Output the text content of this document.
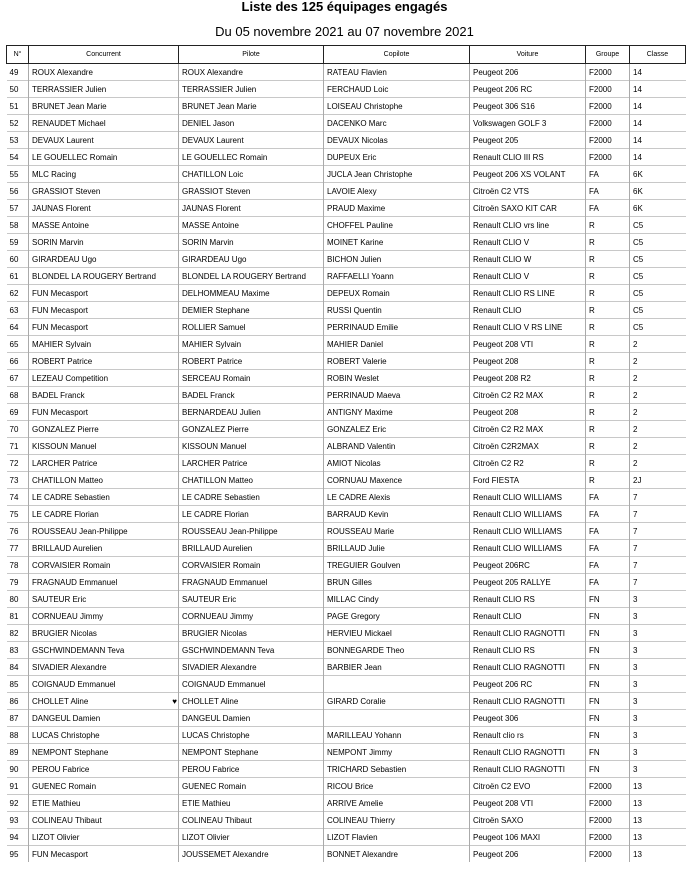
Liste des 125 équipages engagés
Du 05 novembre 2021 au 07 novembre 2021
N°	Concurrent	Pilote	Copilote	Voiture	Groupe	Classe
49	ROUX Alexandre	ROUX Alexandre	RATEAU Flavien	Peugeot 206	F2000	14
50	TERRASSIER Julien	TERRASSIER Julien	FERCHAUD Loic	Peugeot 206 RC	F2000	14
51	BRUNET Jean Marie	BRUNET Jean Marie	LOISEAU Christophe	Peugeot 306 S16	F2000	14
52	RENAUDET Michael	DENIEL Jason	DACENKO Marc	Volkswagen GOLF 3	F2000	14
53	DEVAUX Laurent	DEVAUX Laurent	DEVAUX Nicolas	Peugeot 205	F2000	14
54	LE GOUELLEC Romain	LE GOUELLEC Romain	DUPEUX Eric	Renault CLIO III RS	F2000	14
55	MLC Racing	CHATILLON Loic	JUCLA Jean Christophe	Peugeot 206 XS VOLANT	FA	6K
56	GRASSIOT Steven	GRASSIOT Steven	LAVOIE Alexy	Citroën C2 VTS	FA	6K
57	JAUNAS Florent	JAUNAS Florent	PRAUD Maxime	Citroën SAXO KIT CAR	FA	6K
58	MASSE Antoine	MASSE Antoine	CHOFFEL Pauline	Renault CLIO vrs line	R	C5
59	SORIN Marvin	SORIN Marvin	MOINET Karine	Renault CLIO V	R	C5
60	GIRARDEAU Ugo	GIRARDEAU Ugo	BICHON Julien	Renault CLIO W	R	C5
61	BLONDEL LA ROUGERY Bertrand	BLONDEL LA ROUGERY Bertrand	RAFFAELLI Yoann	Renault CLIO V	R	C5
62	FUN Mecasport	DELHOMMEAU Maxime	DEPEUX Romain	Renault CLIO RS LINE	R	C5
63	FUN Mecasport	DEMIER Stephane	RUSSI Quentin	Renault CLIO	R	C5
64	FUN Mecasport	ROLLIER Samuel	PERRINAUD Emilie	Renault CLIO V RS LINE	R	C5
65	MAHIER Sylvain	MAHIER Sylvain	MAHIER Daniel	Peugeot 208 VTI	R	2
66	ROBERT Patrice	ROBERT Patrice	ROBERT Valerie	Peugeot 208	R	2
67	LEZEAU Competition	SERCEAU Romain	ROBIN Weslet	Peugeot 208 R2	R	2
68	BADEL Franck	BADEL Franck	PERRINAUD Maeva	Citroën C2 R2 MAX	R	2
69	FUN Mecasport	BERNARDEAU Julien	ANTIGNY Maxime	Peugeot 208	R	2
70	GONZALEZ Pierre	GONZALEZ Pierre	GONZALEZ Eric	Citroën C2 R2 MAX	R	2
71	KISSOUN Manuel	KISSOUN Manuel	ALBRAND Valentin	Citroën C2R2MAX	R	2
72	LARCHER Patrice	LARCHER Patrice	AMIOT Nicolas	Citroën C2 R2	R	2
73	CHATILLON Matteo	CHATILLON Matteo	CORNUAU Maxence	Ford FIESTA	R	2J
74	LE CADRE Sebastien	LE CADRE Sebastien	LE CADRE Alexis	Renault CLIO WILLIAMS	FA	7
75	LE CADRE Florian	LE CADRE Florian	BARRAUD Kevin	Renault CLIO WILLIAMS	FA	7
76	ROUSSEAU Jean-Philippe	ROUSSEAU Jean-Philippe	ROUSSEAU Marie	Renault CLIO WILLIAMS	FA	7
77	BRILLAUD Aurelien	BRILLAUD Aurelien	BRILLAUD Julie	Renault CLIO WILLIAMS	FA	7
78	CORVAISIER Romain	CORVAISIER Romain	TREGUIER Goulven	Peugeot 206RC	FA	7
79	FRAGNAUD Emmanuel	FRAGNAUD Emmanuel	BRUN Gilles	Peugeot 205 RALLYE	FA	7
80	SAUTEUR Eric	SAUTEUR Eric	MILLAC Cindy	Renault CLIO RS	FN	3
81	CORNUEAU Jimmy	CORNUEAU Jimmy	PAGE Gregory	Renault CLIO	FN	3
82	BRUGIER Nicolas	BRUGIER Nicolas	HERVIEU Mickael	Renault CLIO RAGNOTTI	FN	3
83	GSCHWINDEMANN Teva	GSCHWINDEMANN Teva	BONNEGARDE Theo	Renault CLIO RS	FN	3
84	SIVADIER Alexandre	SIVADIER Alexandre	BARBIER Jean	Renault CLIO RAGNOTTI	FN	3
85	COIGNAUD Emmanuel	COIGNAUD Emmanuel		Peugeot 206 RC	FN	3
86	CHOLLET Aline ♥	CHOLLET Aline	GIRARD Coralie	Renault CLIO RAGNOTTI	FN	3
87	DANGEUL Damien	DANGEUL Damien		Peugeot 306	FN	3
88	LUCAS Christophe	LUCAS Christophe	MARILLEAU Yohann	Renault clio rs	FN	3
89	NEMPONT Stephane	NEMPONT Stephane	NEMPONT Jimmy	Renault CLIO RAGNOTTI	FN	3
90	PEROU Fabrice	PEROU Fabrice	TRICHARD Sebastien	Renault CLIO RAGNOTTI	FN	3
91	GUENEC Romain	GUENEC Romain	RICOU Brice	Citroën C2 EVO	F2000	13
92	ETIE Mathieu	ETIE Mathieu	ARRIVE Amelie	Peugeot 208 VTI	F2000	13
93	COLINEAU Thibaut	COLINEAU Thibaut	COLINEAU Thierry	Citroën SAXO	F2000	13
94	LIZOT Olivier	LIZOT Olivier	LIZOT Flavien	Peugeot 106 MAXI	F2000	13
95	FUN Mecasport	JOUSSEMET Alexandre	BONNET Alexandre	Peugeot 206	F2000	13
